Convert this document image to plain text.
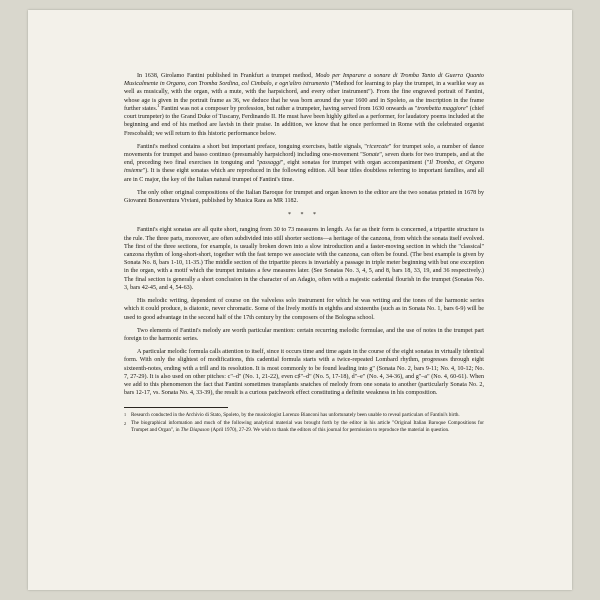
In 1638, Girolamo Fantini published in Frankfurt a trumpet method, Modo per Imparare a sonare di Tromba Tanto di Guerra Quanto Musicalmente in Organo, con Tromba Sordina, col Cimbalo, e ogn'altro istrumento ("Method for learning to play the trumpet, in a warlike way as well as musically, with the organ, with a mute, with the harpsichord, and every other instrument"). From the fine engraved portrait of Fantini, whose age is given in the portrait frame as 36, we deduce that he was born around the year 1600 and in Spoleto, as the inscription in the frame further states.$^1$ Fantini was not a composer by profession, but rather a trumpeter, having served from 1630 onwards as "trombetta maggiore" (chief court trumpeter) to the Grand Duke of Tuscany, Ferdinando II. He must have been highly gifted as a performer, for laudatory poems included at the beginning and end of his method are lavish in their praise. In addition, we know that he once performed in Rome with the celebrated organist Frescobaldi; we will return to this historic performance below.

Fantini's method contains a short but important preface, tonguing exercises, battle signals, "ricercate" for trumpet solo, a number of dance movements for trumpet and basso continuo (presumably harpsichord) including one-movement "Sonate", seven duets for two trumpets, and at the end, preceding two final exercises in tonguing and "passaggi", eight sonatas for trumpet with organ accompaniment ("Il Tromba, et Organo insieme"). It is these eight sonatas which are reproduced in the following edition. All bear titles doubtless referring to important families, and all are in C major, the key of the Italian natural trumpet of Fantini's time.

The only other original compositions of the Italian Baroque for trumpet and organ known to the editor are the two sonatas printed in 1678 by Giovanni Bonaventura Viviani, published by Musica Rara as MR 1182.

* * *

Fantini's eight sonatas are all quite short, ranging from 30 to 73 measures in length. As far as their form is concerned, a tripartite structure is the rule. The three parts, moreover, are often subdivided into still shorter sections—a heritage of the canzona, from which the sonata itself evolved. The first of the three sections, for example, is usually broken down into a slow introduction and a faster-moving section in which the "classical" canzona rhythm of long-short-short, together with the fast tempo we associate with the canzona, can often be found. (The best example is given by Sonata No. 8, bars 1-10, 11-35.) The middle section of the tripartite pieces is invariably a passage in triple meter beginning with but one exception in the organ, with a motif which the trumpet imitates a few measures later. (See Sonatas No. 3, 4, 5, and 8, bars 18, 33, 19, and 36 respectively.) The final section is generally a short conclusion in the character of an Adagio, often with a majestic cadential flourish in the trumpet (Sonatas No. 3, bars 42-45, and 4, 54-63).

His melodic writing, dependent of course on the valveless solo instrument for which he was writing and the tones of the harmonic series which it could produce, is diatonic, never chromatic. Some of the lively motifs in eighths and sixteenths (such as in Sonata No. 1, bars 6-9) will be used to good advantage in the second half of the 17th century by the composers of the Bologna school.

Two elements of Fantini's melody are worth particular mention: certain recurring melodic formulae, and the use of notes in the trumpet part foreign to the harmonic series.

A particular melodic formula calls attention to itself, since it occurs time and time again in the course of the eight sonatas in virtually identical form. With only the slightest of modifications, this cadential formula starts with a twice-repeated Lombard rhythm, progresses through eight sixteenth-notes, ending with a trill and its resolution. It is most commonly to be found leading into g" (Sonata No. 2, bars 9-11; No. 4, 10-12; No. 7, 27-29). It is also used on other pitches: c"–d" (No. 1, 21-22), even c♯"–d" (No. 5, 17-18), d"–e" (No. 4, 34-36), and g"–a" (No. 4, 60-61). When we add to this phenomenon the fact that Fantini sometimes transplants snatches of melody from one sonata to another (particularly Sonata No. 2, bars 12-17, vs. Sonata No. 4, 33-39), the result is a curious patchwork effect constituting a definite weakness in his composition.

1 Research conducted in the Archivio di Stato, Spoleto, by the musicologist Lorenzo Bianconi has unfortunately been unable to reveal particulars of Fantini's birth.
2 The biographical information and much of the following analytical material was brought forth by the editor in his article "Original Italian Baroque Compositions for Trumpet and Organ", in The Diapason (April 1970), 27-29. We wish to thank the editors of this journal for permission to reproduce the material in question.
